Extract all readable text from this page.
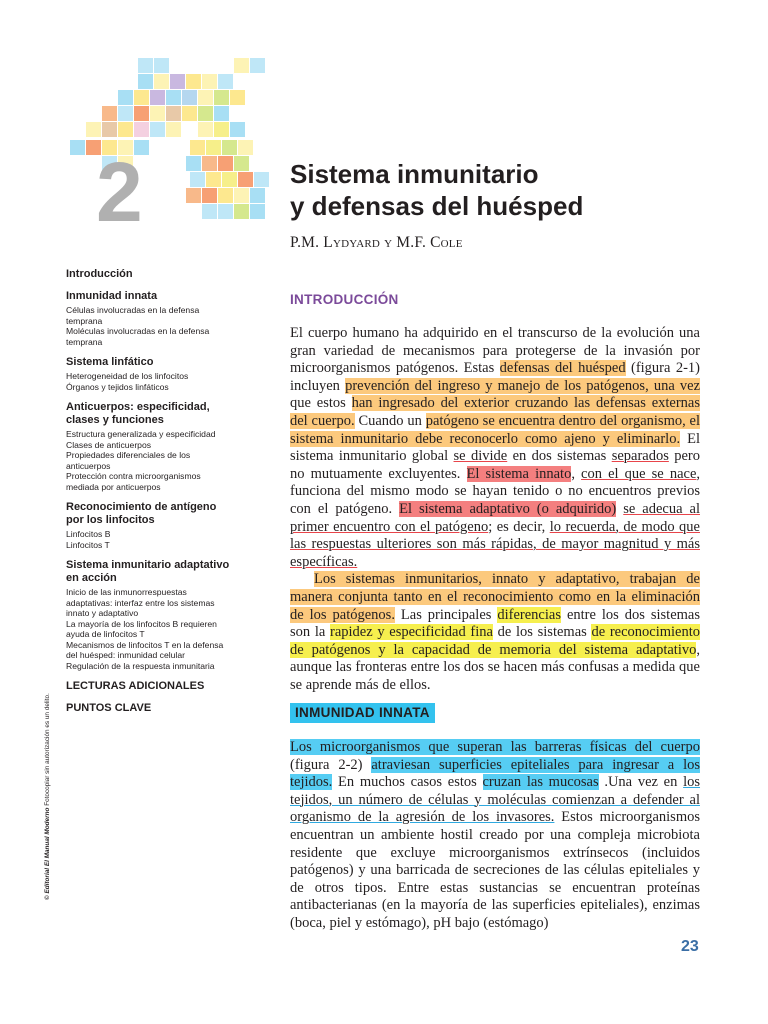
2	Sistema inmunitario
y defensas del huésped
P.M. Lydyard y M.F. Cole
Introducción
Inmunidad innata
Células involucradas en la defensa temprana
Moléculas involucradas en la defensa temprana
Sistema linfático
Heterogeneidad de los linfocitos
Órganos y tejidos linfáticos
Anticuerpos: especificidad, clases y funciones
Estructura generalizada y especificidad
Clases de anticuerpos
Propiedades diferenciales de los anticuerpos
Protección contra microorganismos mediada por anticuerpos
Reconocimiento de antígeno por los linfocitos
Linfocitos B
Linfocitos T
Sistema inmunitario adaptativo en acción
Inicio de las inmunorrespuestas adaptativas: interfaz entre los sistemas innato y adaptativo
La mayoría de los linfocitos B requieren ayuda de linfocitos T
Mecanismos de linfocitos T en la defensa del huésped: inmunidad celular
Regulación de la respuesta inmunitaria
LECTURAS ADICIONALES
PUNTOS CLAVE
© Editorial El Manual Moderno Fotocopiar sin autorización es un delito.
INTRODUCCIÓN

El cuerpo humano ha adquirido en el transcurso de la evolución una gran variedad de mecanismos para protegerse de la invasión por microorganismos patógenos. Estas defensas del huésped (figura 2-1) incluyen prevención del ingreso y manejo de los patógenos, una vez que estos han ingresado del exterior cruzando las defensas externas del cuerpo. Cuando un patógeno se encuentra dentro del organismo, el sistema inmunitario debe reconocerlo como ajeno y eliminarlo. El sistema inmunitario global se divide en dos sistemas separados pero no mutuamente excluyentes. El sistema innato, con el que se nace, funciona del mismo modo se hayan tenido o no encuentros previos con el patógeno. El sistema adaptativo (o adquirido) se adecua al primer encuentro con el patógeno; es decir, lo recuerda, de modo que las respuestas ulteriores son más rápidas, de mayor magnitud y más específicas.

Los sistemas inmunitarios, innato y adaptativo, trabajan de manera conjunta tanto en el reconocimiento como en la eliminación de los patógenos. Las principales diferencias entre los dos sistemas son la rapidez y especificidad fina de los sistemas de reconocimiento de patógenos y la capacidad de memoria del sistema adaptativo, aunque las fronteras entre los dos se hacen más confusas a medida que se aprende más de ellos.

INMUNIDAD INNATA

Los microorganismos que superan las barreras físicas del cuerpo (figura 2-2) atraviesan superficies epiteliales para ingresar a los tejidos. En muchos casos estos cruzan las mucosas .Una vez en los tejidos, un número de células y moléculas comienzan a defender al organismo de la agresión de los invasores. Estos microorganismos encuentran un ambiente hostil creado por una compleja microbiota residente que excluye microorganismos extrínsecos (incluidos patógenos) y una barricada de secreciones de las células epiteliales y de otros tipos. Entre estas sustancias se encuentran proteínas antibacterianas (en la mayoría de las superficies epiteliales), enzimas (boca, piel y estómago), pH bajo (estómago)

23
